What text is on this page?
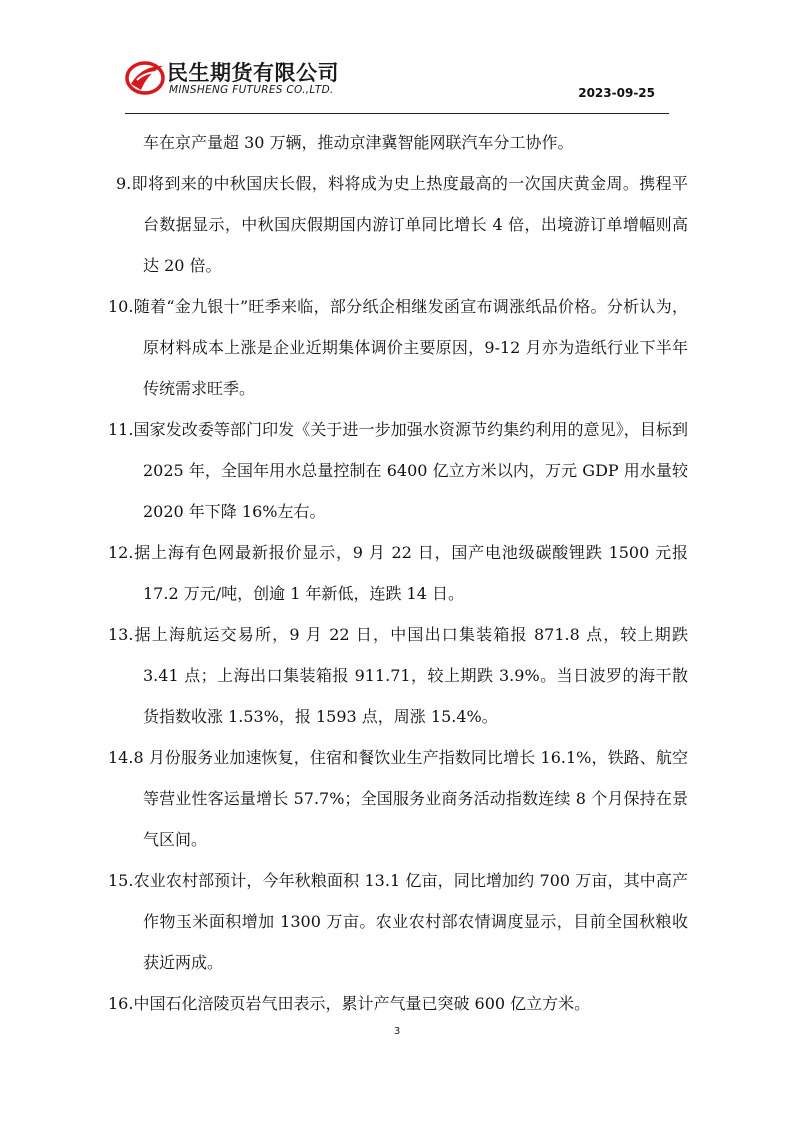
民生期货有限公司
MINSHENG FUTURES CO.,LTD.	2023-09-25

车在京产量超 30 万辆，推动京津冀智能网联汽车分工协作。

9.即将到来的中秋国庆长假，料将成为史上热度最高的一次国庆黄金周。携程平台数据显示，中秋国庆假期国内游订单同比增长 4 倍，出境游订单增幅则高达 20 倍。

10.随着“金九银十”旺季来临，部分纸企相继发函宣布调涨纸品价格。分析认为，原材料成本上涨是企业近期集体调价主要原因，9-12 月亦为造纸行业下半年传统需求旺季。

11.国家发改委等部门印发《关于进一步加强水资源节约集约利用的意见》，目标到 2025 年，全国年用水总量控制在 6400 亿立方米以内，万元 GDP 用水量较 2020 年下降 16%左右。

12.据上海有色网最新报价显示，9 月 22 日，国产电池级碳酸锂跌 1500 元报 17.2 万元/吨，创逾 1 年新低，连跌 14 日。

13.据上海航运交易所，9 月 22 日，中国出口集装箱报 871.8 点，较上期跌 3.41 点；上海出口集装箱报 911.71，较上期跌 3.9%。当日波罗的海干散货指数收涨 1.53%，报 1593 点，周涨 15.4%。

14.8 月份服务业加速恢复，住宿和餐饮业生产指数同比增长 16.1%，铁路、航空等营业性客运量增长 57.7%；全国服务业商务活动指数连续 8 个月保持在景气区间。

15.农业农村部预计，今年秋粮面积 13.1 亿亩，同比增加约 700 万亩，其中高产作物玉米面积增加 1300 万亩。农业农村部农情调度显示，目前全国秋粮收获近两成。

16.中国石化涪陵页岩气田表示，累计产气量已突破 600 亿立方米。

3
